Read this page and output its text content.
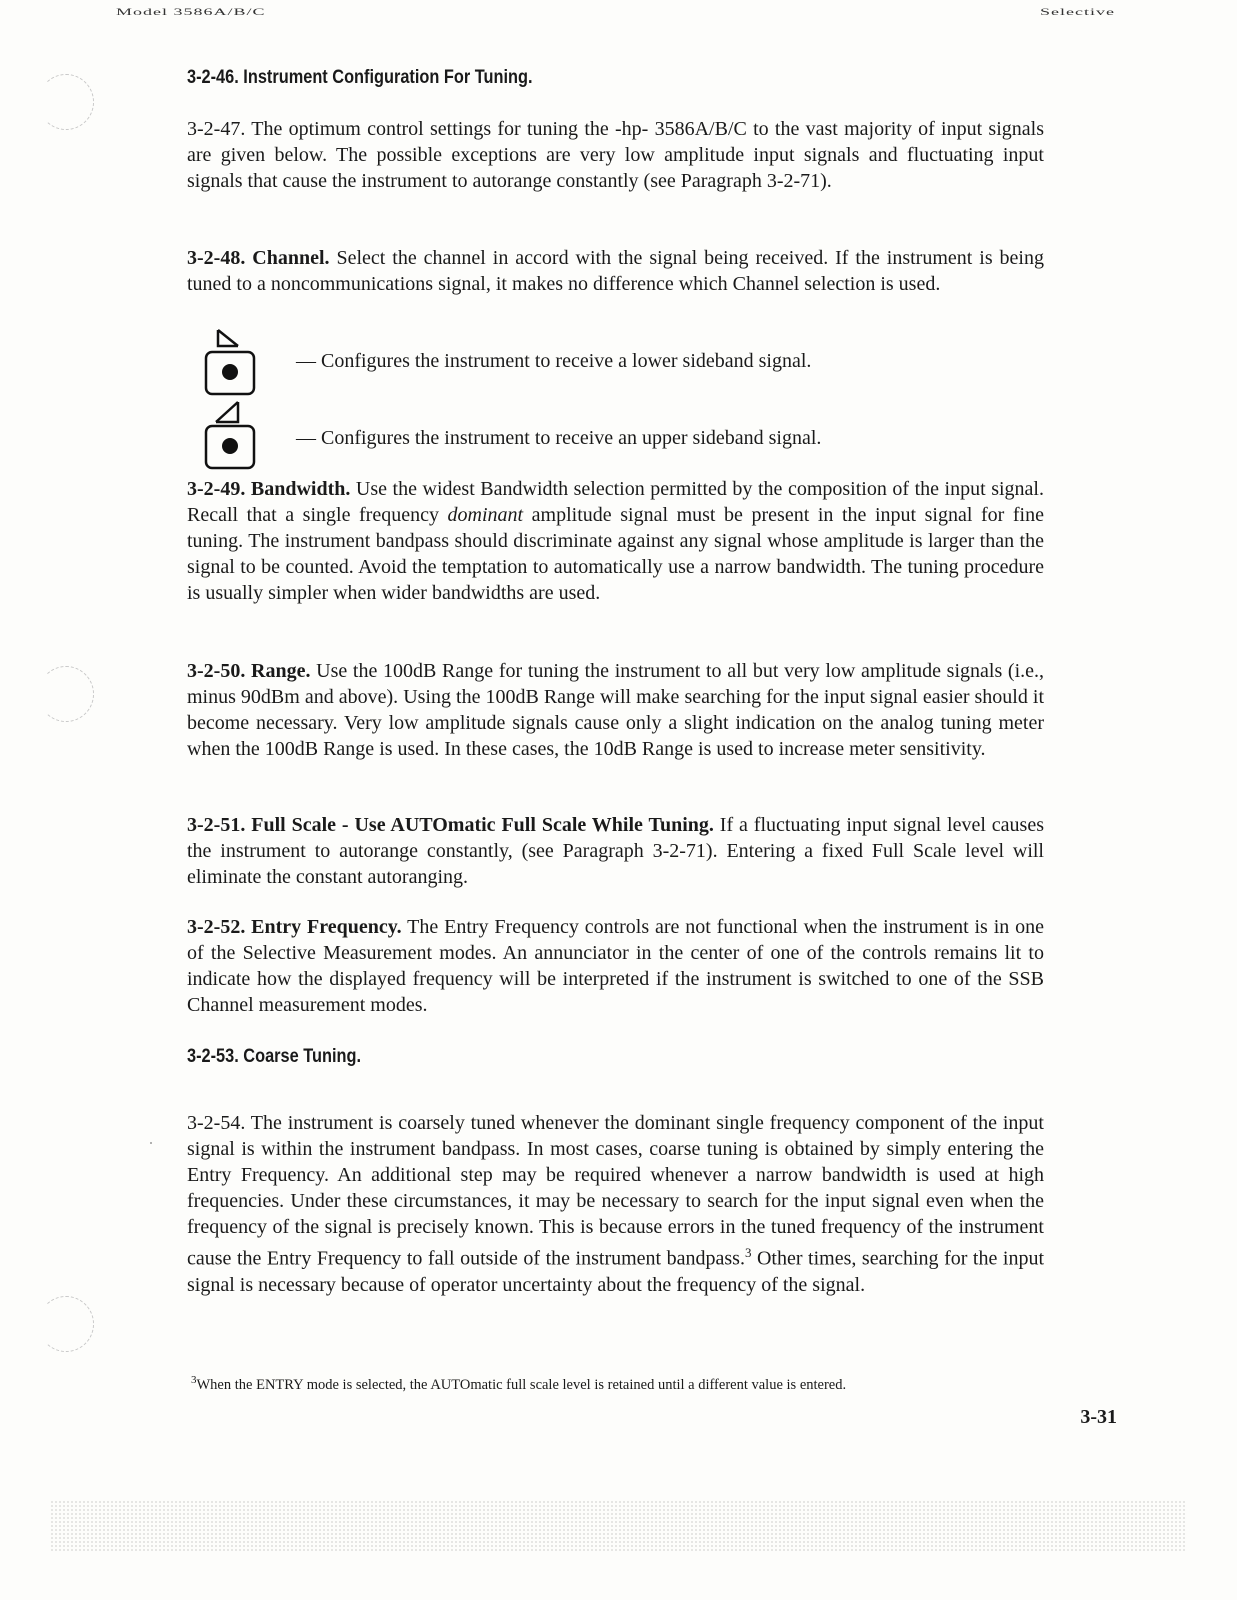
Model 3586A/B/C	Selective
3-2-46. Instrument Configuration For Tuning.

3-2-47. The optimum control settings for tuning the -hp- 3586A/B/C to the vast majority of input signals are given below. The possible exceptions are very low amplitude input signals and fluctuating input signals that cause the instrument to autorange constantly (see Paragraph 3-2-71).

3-2-48. Channel. Select the channel in accord with the signal being received. If the instrument is being tuned to a noncommunications signal, it makes no difference which Channel selection is used.

— Configures the instrument to receive a lower sideband signal.
— Configures the instrument to receive an upper sideband signal.

3-2-49. Bandwidth. Use the widest Bandwidth selection permitted by the composition of the input signal. Recall that a single frequency dominant amplitude signal must be present in the input signal for fine tuning. The instrument bandpass should discriminate against any signal whose amplitude is larger than the signal to be counted. Avoid the temptation to automatically use a narrow bandwidth. The tuning procedure is usually simpler when wider bandwidths are used.

3-2-50. Range. Use the 100dB Range for tuning the instrument to all but very low amplitude signals (i.e., minus 90dBm and above). Using the 100dB Range will make searching for the input signal easier should it become necessary. Very low amplitude signals cause only a slight indication on the analog tuning meter when the 100dB Range is used. In these cases, the 10dB Range is used to increase meter sensitivity.

3-2-51. Full Scale - Use AUTOmatic Full Scale While Tuning. If a fluctuating input signal level causes the instrument to autorange constantly, (see Paragraph 3-2-71). Entering a fixed Full Scale level will eliminate the constant autoranging.

3-2-52. Entry Frequency. The Entry Frequency controls are not functional when the instrument is in one of the Selective Measurement modes. An annunciator in the center of one of the controls remains lit to indicate how the displayed frequency will be interpreted if the instrument is switched to one of the SSB Channel measurement modes.

3-2-53. Coarse Tuning.

3-2-54. The instrument is coarsely tuned whenever the dominant single frequency component of the input signal is within the instrument bandpass. In most cases, coarse tuning is obtained by simply entering the Entry Frequency. An additional step may be required whenever a narrow bandwidth is used at high frequencies. Under these circumstances, it may be necessary to search for the input signal even when the frequency of the signal is precisely known. This is because errors in the tuned frequency of the instrument cause the Entry Frequency to fall outside of the instrument bandpass.$^3$ Other times, searching for the input signal is necessary because of operator uncertainty about the frequency of the signal.

$^3$When the ENTRY mode is selected, the AUTOmatic full scale level is retained until a different value is entered.
3-31
